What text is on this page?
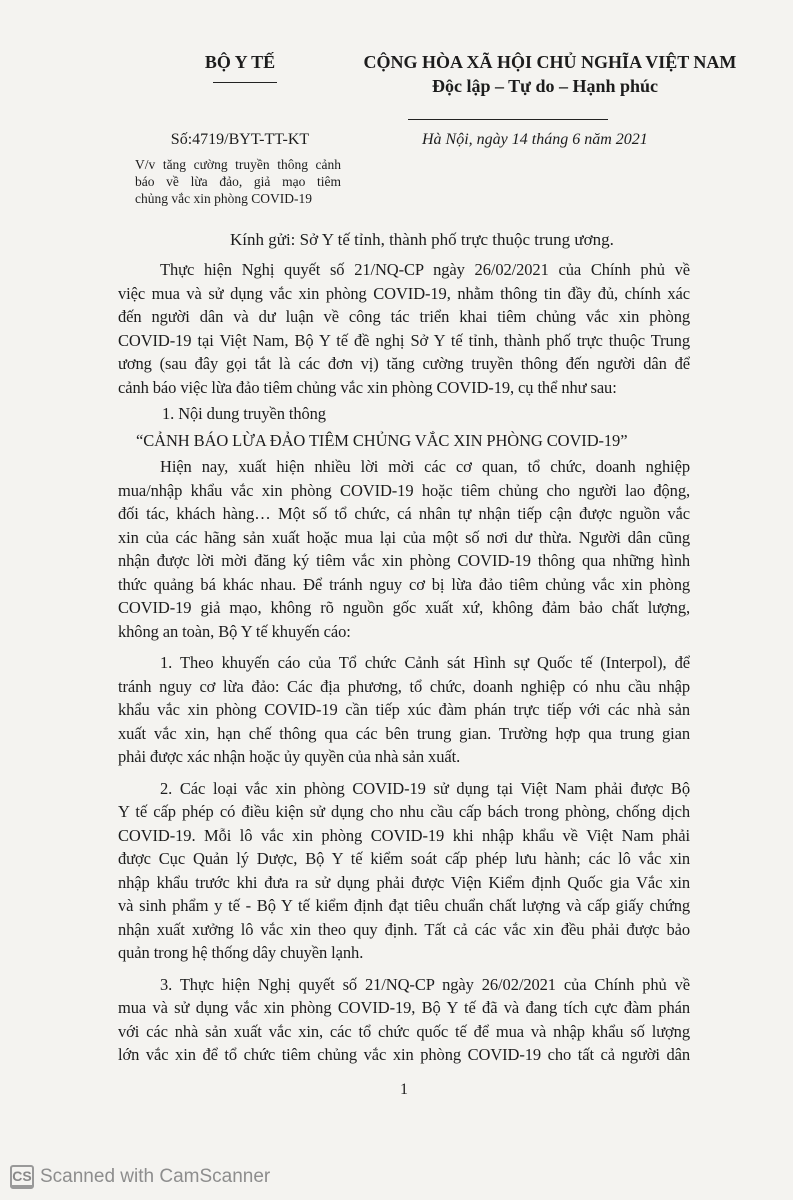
BỘ Y TẾ	CỘNG HÒA XÃ HỘI CHỦ NGHĨA VIỆT NAM
Độc lập – Tự do – Hạnh phúc
Số:4719/BYT-TT-KT	Hà Nội, ngày 14 tháng 6 năm 2021
V/v tăng cường truyền thông cảnh
báo về lừa đảo, giả mạo tiêm
chủng vắc xin phòng COVID-19
Kính gửi: Sở Y tế tỉnh, thành phố trực thuộc trung ương.
Thực hiện Nghị quyết số 21/NQ-CP ngày 26/02/2021 của Chính phủ về
việc mua và sử dụng vắc xin phòng COVID-19, nhằm thông tin đầy đủ, chính xác
đến người dân và dư luận về công tác triển khai tiêm chủng vắc xin phòng
COVID-19 tại Việt Nam, Bộ Y tế đề nghị Sở Y tế tỉnh, thành phố trực thuộc Trung
ương (sau đây gọi tắt là các đơn vị) tăng cường truyền thông đến người dân để
cảnh báo việc lừa đảo tiêm chủng vắc xin phòng COVID-19, cụ thể như sau:
1. Nội dung truyền thông
“CẢNH BÁO LỪA ĐẢO TIÊM CHỦNG VẮC XIN PHÒNG COVID-19”
Hiện nay, xuất hiện nhiều lời mời các cơ quan, tổ chức, doanh nghiệp
mua/nhập khẩu vắc xin phòng COVID-19 hoặc tiêm chủng cho người lao động,
đối tác, khách hàng… Một số tổ chức, cá nhân tự nhận tiếp cận được nguồn vắc
xin của các hãng sản xuất hoặc mua lại của một số nơi dư thừa. Người dân cũng
nhận được lời mời đăng ký tiêm vắc xin phòng COVID-19 thông qua những hình
thức quảng bá khác nhau. Để tránh nguy cơ bị lừa đảo tiêm chủng vắc xin phòng
COVID-19 giả mạo, không rõ nguồn gốc xuất xứ, không đảm bảo chất lượng,
không an toàn, Bộ Y tế khuyến cáo:
1. Theo khuyến cáo của Tổ chức Cảnh sát Hình sự Quốc tế (Interpol), để
tránh nguy cơ lừa đảo: Các địa phương, tổ chức, doanh nghiệp có nhu cầu nhập
khẩu vắc xin phòng COVID-19 cần tiếp xúc đàm phán trực tiếp với các nhà sản
xuất vắc xin, hạn chế thông qua các bên trung gian. Trường hợp qua trung gian
phải được xác nhận hoặc ủy quyền của nhà sản xuất.
2. Các loại vắc xin phòng COVID-19 sử dụng tại Việt Nam phải được Bộ
Y tế cấp phép có điều kiện sử dụng cho nhu cầu cấp bách trong phòng, chống dịch
COVID-19. Mỗi lô vắc xin phòng COVID-19 khi nhập khẩu về Việt Nam phải
được Cục Quản lý Dược, Bộ Y tế kiểm soát cấp phép lưu hành; các lô vắc xin
nhập khẩu trước khi đưa ra sử dụng phải được Viện Kiểm định Quốc gia Vắc xin
và sinh phẩm y tế - Bộ Y tế kiểm định đạt tiêu chuẩn chất lượng và cấp giấy chứng
nhận xuất xưởng lô vắc xin theo quy định. Tất cả các vắc xin đều phải được bảo
quản trong hệ thống dây chuyền lạnh.
3. Thực hiện Nghị quyết số 21/NQ-CP ngày 26/02/2021 của Chính phủ về
mua và sử dụng vắc xin phòng COVID-19, Bộ Y tế đã và đang tích cực đàm phán
với các nhà sản xuất vắc xin, các tổ chức quốc tế để mua và nhập khẩu số lượng
lớn vắc xin để tổ chức tiêm chủng vắc xin phòng COVID-19 cho tất cả người dân
1
CS Scanned with CamScanner
